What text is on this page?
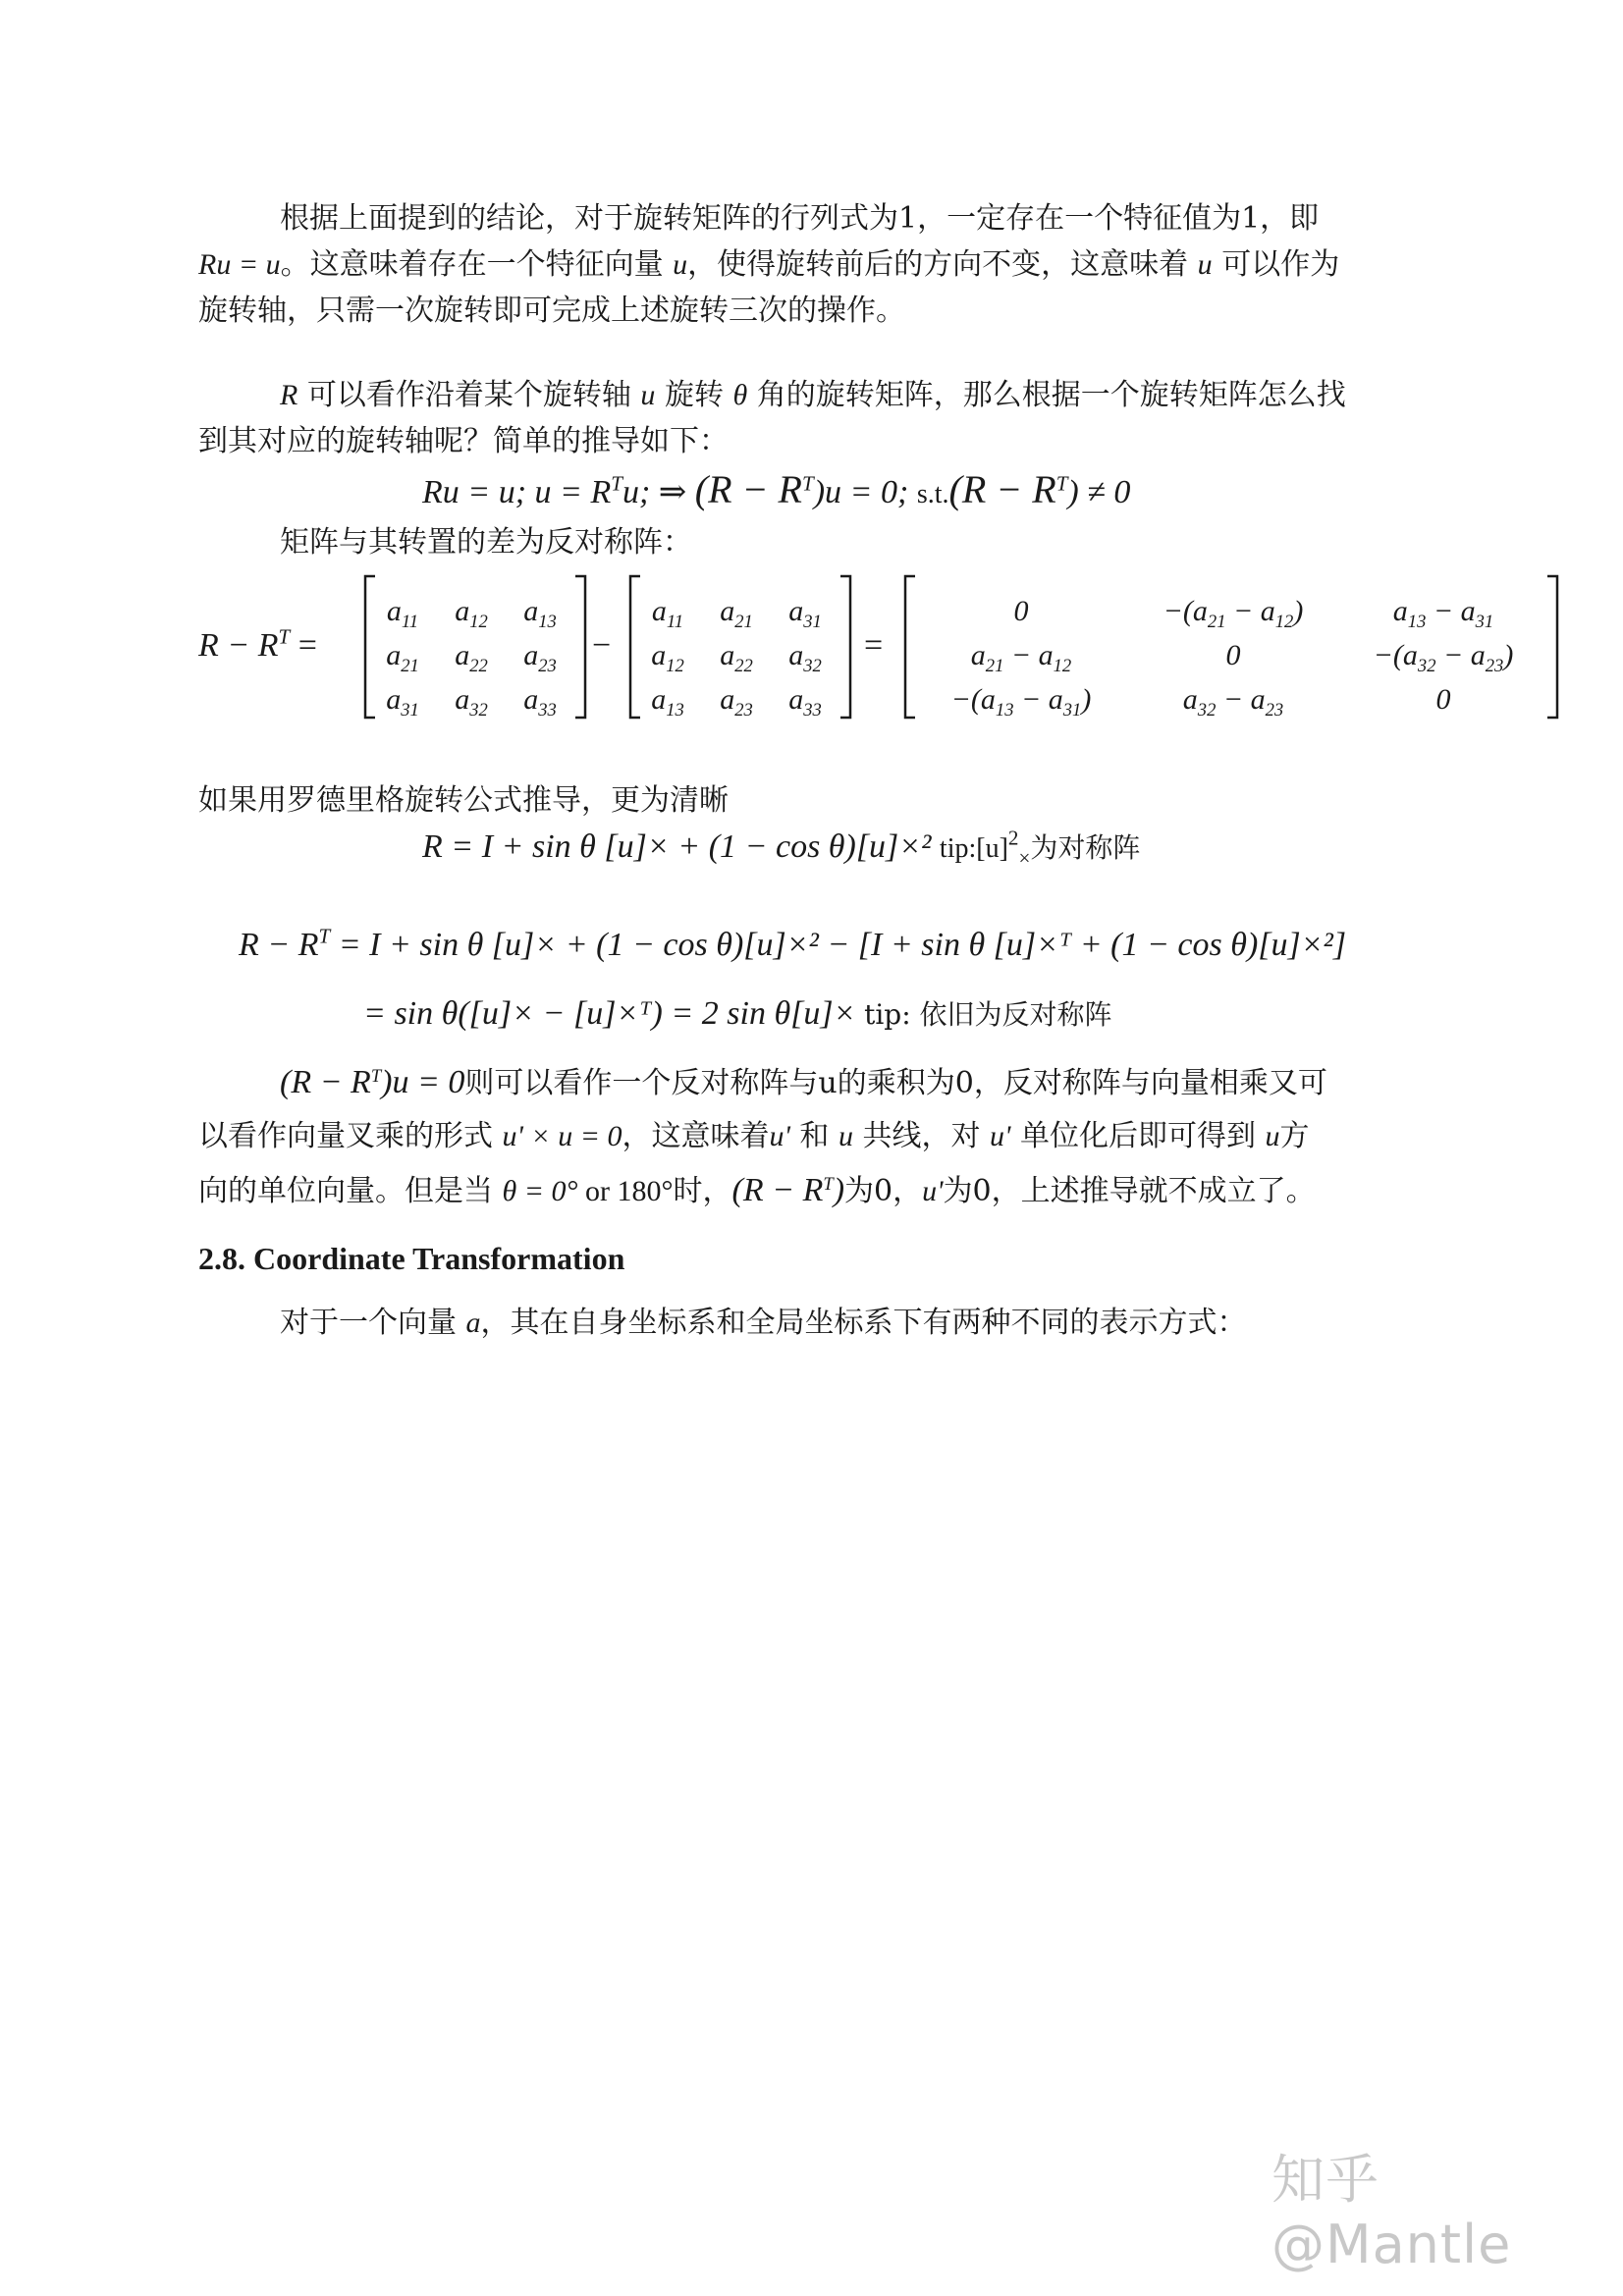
根据上面提到的结论，对于旋转矩阵的行列式为1，一定存在一个特征值为1，即
Ru = u。这意味着存在一个特征向量 u，使得旋转前后的方向不变，这意味着 u 可以作为
旋转轴，只需一次旋转即可完成上述旋转三次的操作。
R 可以看作沿着某个旋转轴 u 旋转 θ 角的旋转矩阵，那么根据一个旋转矩阵怎么找
到其对应的旋转轴呢？简单的推导如下：
Ru = u; $u = R^Tu$; ⇒ $(R - R^T)u = 0$; $s.t.(R - R^T) \ne 0$
矩阵与其转置的差为反对称阵：
$R - R^T$ =	−	=
$a_{11}$ $a_{12}$ $a_{13}$
$a_{21}$ $a_{22}$ $a_{23}$
$a_{31}$ $a_{32}$ $a_{33}$
$a_{11}$ $a_{21}$ $a_{31}$
$a_{12}$ $a_{22}$ $a_{32}$
$a_{13}$ $a_{23}$ $a_{33}$
0	$-(a_{21} - a_{12})$	$a_{13} - a_{31}$
$a_{21} - a_{12}$	0	$-(a_{32} - a_{23})$
$-(a_{13} - a_{31})$	$a_{32} - a_{23}$	0
如果用罗德里格旋转公式推导，更为清晰
R = I + sin θ [u]× + (1 − cos θ)[u]×² $tip:[u]^2_\times$为对称阵
$R - R^T = I + \sin \theta$ [u]× + (1 − cos θ)[u]×² − [I + sin θ [u]×ᵀ + (1 − cos θ)[u]×²]
= sin θ([u]× − [u]×ᵀ) = 2 sin θ[u]× tip: 依旧为反对称阵
$(R - R^T)u = 0$则可以看作一个反对称阵与u的乘积为0，反对称阵与向量相乘又可
以看作向量叉乘的形式 u' × u = 0，这意味着u' 和 u 共线，对 u' 单位化后即可得到 u方
向的单位向量。但是当 θ = 0° or 180°时，$(R - R^T)$为0，u'为0，上述推导就不成立了。
2.8. Coordinate Transformation
对于一个向量 a，其在自身坐标系和全局坐标系下有两种不同的表示方式：
知乎 @Mantle
